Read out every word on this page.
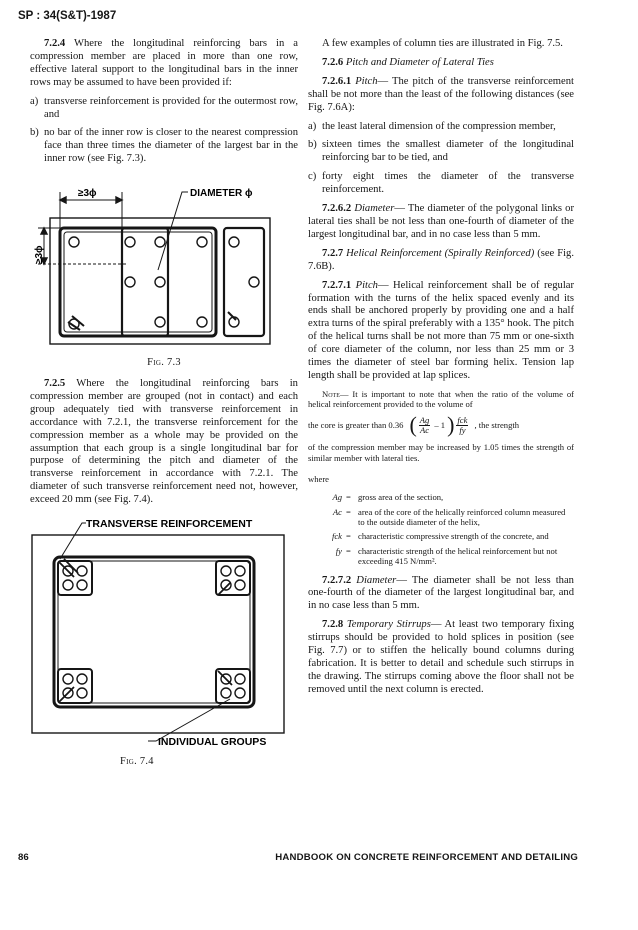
SP : 34(S&T)-1987

7.2.4 Where the longitudinal reinforcing bars in a compression member are placed in more than one row, effective lateral support to the longitudinal bars in the inner rows may be assumed to have been provided if:

a) transverse reinforcement is provided for the outermost row, and
b) no bar of the inner row is closer to the nearest compression face than three times the diameter of the largest bar in the inner row (see Fig. 7.3).
≥3ϕ
≥3ϕ
DIAMETER ϕ
Fig. 7.3

7.2.5 Where the longitudinal reinforcing bars in compression member are grouped (not in contact) and each group adequately tied with transverse reinforcement in accordance with 7.2.1, the transverse reinforcement for the compression member as a whole may be provided on the assumption that each group is a single longitudinal bar for purpose of determining the pitch and diameter of the transverse reinforcement in accordance with 7.2.1. The diameter of such transverse reinforcement need not, however, exceed 20 mm (see Fig. 7.4).

TRANSVERSE REINFORCEMENT
INDIVIDUAL GROUPS
Fig. 7.4

A few examples of column ties are illustrated in Fig. 7.5.

7.2.6 Pitch and Diameter of Lateral Ties

7.2.6.1 Pitch— The pitch of the transverse reinforcement shall be not more than the least of the following distances (see Fig. 7.6A):

a) the least lateral dimension of the compression member,
b) sixteen times the smallest diameter of the longitudinal reinforcing bar to be tied, and
c) forty eight times the diameter of the transverse reinforcement.

7.2.6.2 Diameter— The diameter of the polygonal links or lateral ties shall be not less than one-fourth of diameter of the largest longitudinal bar, and in no case less than 5 mm.

7.2.7 Helical Reinforcement (Spirally Reinforced) (see Fig. 7.6B).

7.2.7.1 Pitch— Helical reinforcement shall be of regular formation with the turns of the helix spaced evenly and its ends shall be anchored properly by providing one and a half extra turns of the spiral preferably with a 135° hook. The pitch of the helical turns shall be not more than 75 mm or one-sixth of core diameter of the column, nor less than 25 mm or 3 times the diameter of steel bar forming helix. Tension lap length shall be provided at lap splices.

Note— It is important to note that when the ratio of the volume of helical reinforcement provided to the volume of
the core is greater than 0.36 ( $\frac{Ag}{Ac} - 1$ ) $\frac{\text{fck}}{fy}$ , the strength
of the compression member may be increased by 1.05 times the strength of similar member with lateral ties.
where
Ag = gross area of the section,
Ac = area of the core of the helically reinforced column measured to the outside diameter of the helix,
fck = characteristic compressive strength of the concrete, and
fy = characteristic strength of the helical reinforcement but not exceeding 415 N/mm².

7.2.7.2 Diameter— The diameter shall be not less than one-fourth of the diameter of the largest longitudinal bar, and in no case less than 5 mm.

7.2.8 Temporary Stirrups— At least two temporary fixing stirrups should be provided to hold splices in position (see Fig. 7.7) or to stiffen the helically bound columns during fabrication. It is better to detail and schedule such stirrups in the drawing. The stirrups coming above the floor shall not be removed until the next column is erected.

86	HANDBOOK ON CONCRETE REINFORCEMENT AND DETAILING
